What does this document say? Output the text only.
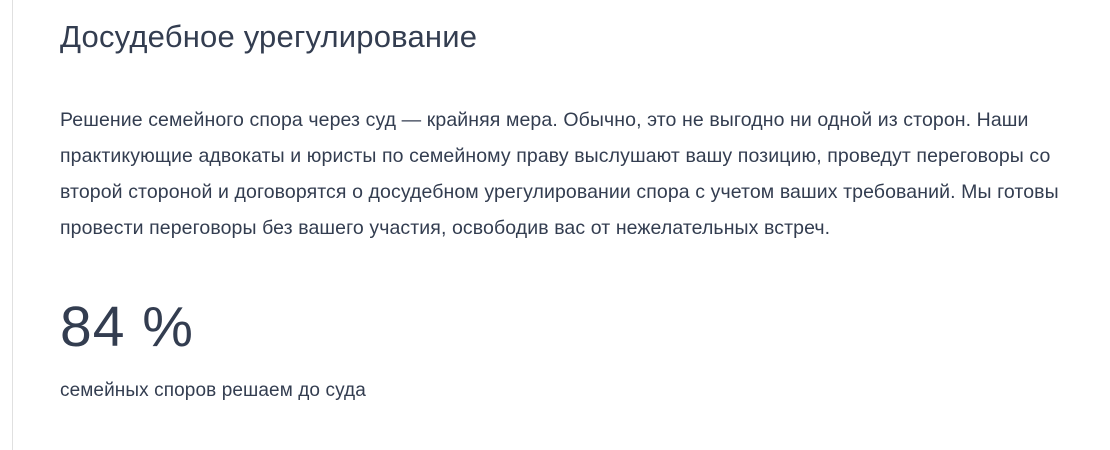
Досудебное урегулирование

Решение семейного спора через суд — крайняя мера. Обычно, это не выгодно ни одной из сторон. Наши практикующие адвокаты и юристы по семейному праву выслушают вашу позицию, проведут переговоры со второй стороной и договорятся о досудебном урегулировании спора с учетом ваших требований. Мы готовы провести переговоры без вашего участия, освободив вас от нежелательных встреч.

84 %
семейных споров решаем до суда
